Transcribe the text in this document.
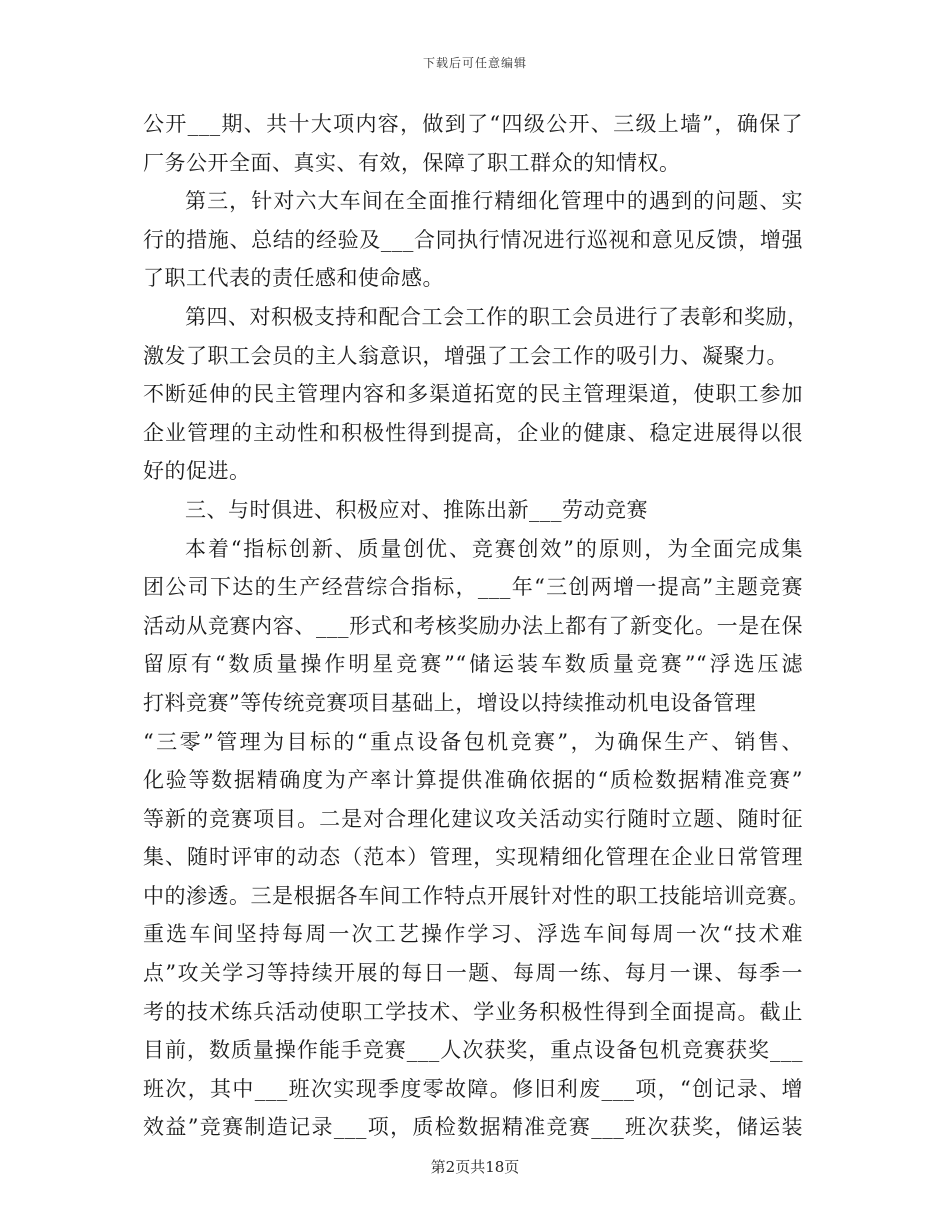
下载后可任意编辑
公开___期、共十大项内容，做到了“四级公开、三级上墙”，确保了
厂务公开全面、真实、有效，保障了职工群众的知情权。
第三，针对六大车间在全面推行精细化管理中的遇到的问题、实
行的措施、总结的经验及___合同执行情况进行巡视和意见反馈，增强
了职工代表的责任感和使命感。
第四、对积极支持和配合工会工作的职工会员进行了表彰和奖励，
激发了职工会员的主人翁意识，增强了工会工作的吸引力、凝聚力。
不断延伸的民主管理内容和多渠道拓宽的民主管理渠道，使职工参加
企业管理的主动性和积极性得到提高，企业的健康、稳定进展得以很
好的促进。
三、与时俱进、积极应对、推陈出新___劳动竞赛
本着“指标创新、质量创优、竞赛创效”的原则，为全面完成集
团公司下达的生产经营综合指标，___年“三创两增一提高”主题竞赛
活动从竞赛内容、___形式和考核奖励办法上都有了新变化。一是在保
留原有“数质量操作明星竞赛”“储运装车数质量竞赛”“浮选压滤
打料竞赛”等传统竞赛项目基础上，增设以持续推动机电设备管理
“三零”管理为目标的“重点设备包机竞赛”，为确保生产、销售、
化验等数据精确度为产率计算提供准确依据的“质检数据精准竞赛”
等新的竞赛项目。二是对合理化建议攻关活动实行随时立题、随时征
集、随时评审的动态（范本）管理，实现精细化管理在企业日常管理
中的渗透。三是根据各车间工作特点开展针对性的职工技能培训竞赛。
重选车间坚持每周一次工艺操作学习、浮选车间每周一次“技术难
点”攻关学习等持续开展的每日一题、每周一练、每月一课、每季一
考的技术练兵活动使职工学技术、学业务积极性得到全面提高。截止
目前，数质量操作能手竞赛___人次获奖，重点设备包机竞赛获奖___
班次，其中___班次实现季度零故障。修旧利废___项，“创记录、增
效益”竞赛制造记录___项，质检数据精准竞赛___班次获奖，储运装
第2页共18页
